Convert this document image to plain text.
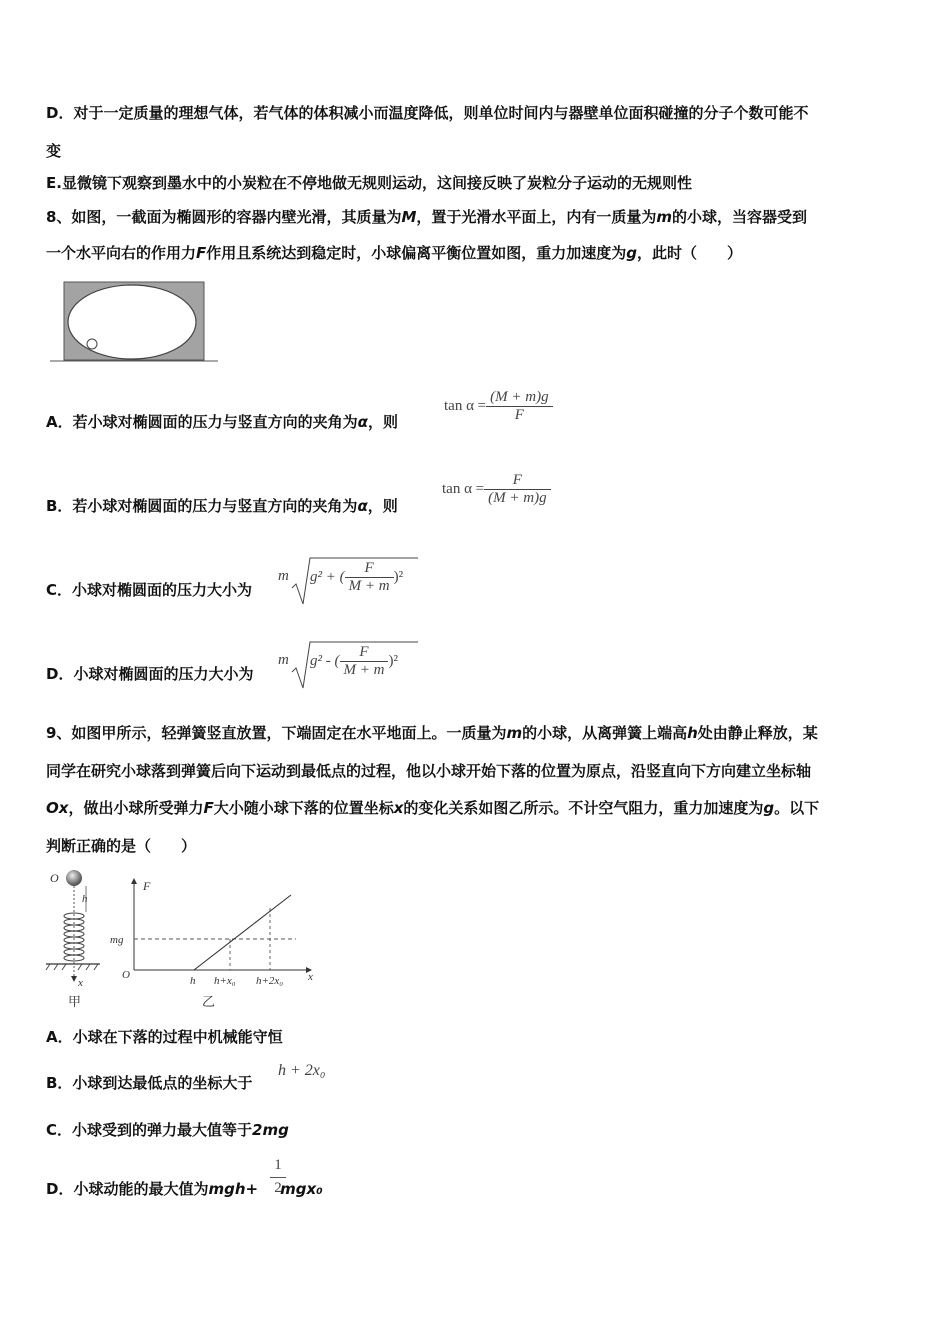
D．对于一定质量的理想气体，若气体的体积减小而温度降低，则单位时间内与器壁单位面积碰撞的分子个数可能不
变
E.显微镜下观察到墨水中的小炭粒在不停地做无规则运动，这间接反映了炭粒分子运动的无规则性
8、如图，一截面为椭圆形的容器内壁光滑，其质量为M，置于光滑水平面上，内有一质量为m的小球，当容器受到
一个水平向右的作用力F作用且系统达到稳定时，小球偏离平衡位置如图，重力加速度为g，此时（　　）
A．若小球对椭圆面的压力与竖直方向的夹角为α，则
$\tan \alpha = \frac{(M + m)g}{F}$
B．若小球对椭圆面的压力与竖直方向的夹角为α，则
$\tan \alpha = \frac{F}{(M + m)g}$
C．小球对椭圆面的压力大小为
m g² + ( $\frac{F}{M + m} )^2$
D．小球对椭圆面的压力大小为
m g² - ( $\frac{F}{M + m} )^2$
9、如图甲所示，轻弹簧竖直放置，下端固定在水平地面上。一质量为m的小球，从离弹簧上端高h处由静止释放，某
同学在研究小球落到弹簧后向下运动到最低点的过程，他以小球开始下落的位置为原点，沿竖直向下方向建立坐标轴
Ox，做出小球所受弹力F大小随小球下落的位置坐标x的变化关系如图乙所示。不计空气阻力，重力加速度为g。以下
判断正确的是（　　）
O
h
x
甲
F
x
O
mg
h h+x₀ h+2x₀
乙
A．小球在下落的过程中机械能守恒
B．小球到达最低点的坐标大于
h + 2x₀
C．小球受到的弹力最大值等于2mg
D．小球动能的最大值为mgh+ mgx₀
$\frac{1}{2}$
